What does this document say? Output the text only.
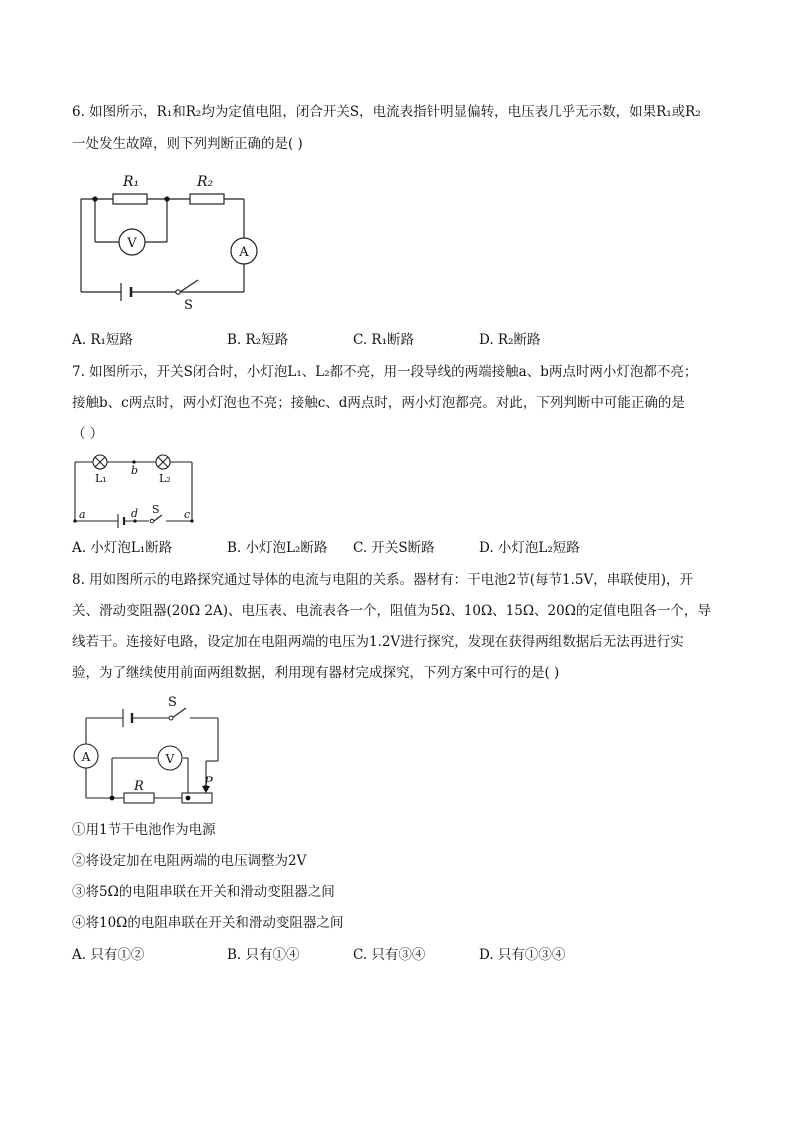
6. 如图所示，R₁和R₂均为定值电阻，闭合开关S，电流表指针明显偏转，电压表几乎无示数，如果R₁或R₂
一处发生故障，则下列判断正确的是( )
R₁	R₂
V
A
S
A. R₁短路	B. R₂短路	C. R₁断路	D. R₂断路
7. 如图所示，开关S闭合时，小灯泡L₁、L₂都不亮，用一段导线的两端接触a、b两点时两小灯泡都不亮；
接触b、c两点时，两小灯泡也不亮；接触c、d两点时，两小灯泡都亮。对此，下列判断中可能正确的是
（ ）
L₁	L₂
b
a	d S c
A. 小灯泡L₁断路	B. 小灯泡L₂断路 C. 开关S断路	D. 小灯泡L₂短路
8. 用如图所示的电路探究通过导体的电流与电阻的关系。器材有：干电池2节(每节1.5V，串联使用)，开
关、滑动变阻器(20Ω 2A)、电压表、电流表各一个，阻值为5Ω、10Ω、15Ω、20Ω的定值电阻各一个，导
线若干。连接好电路，设定加在电阻两端的电压为1.2V进行探究，发现在获得两组数据后无法再进行实
验，为了继续使用前面两组数据，利用现有器材完成探究，下列方案中可行的是( )
S
A	V
R	P
①用1节干电池作为电源
②将设定加在电阻两端的电压调整为2V
③将5Ω的电阻串联在开关和滑动变阻器之间
④将10Ω的电阻串联在开关和滑动变阻器之间
A. 只有①②	B. 只有①④	C. 只有③④	D. 只有①③④
